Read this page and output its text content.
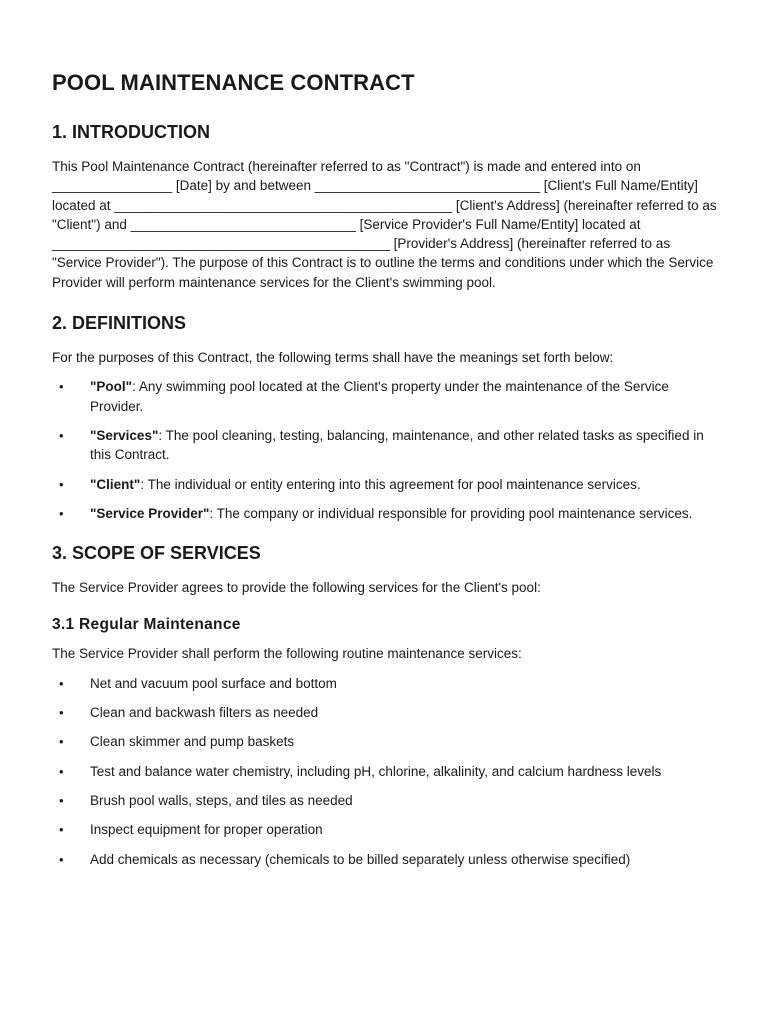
POOL MAINTENANCE CONTRACT
1. INTRODUCTION

This Pool Maintenance Contract (hereinafter referred to as "Contract") is made and entered into on ________________ [Date] by and between ______________________________ [Client's Full Name/Entity] located at _____________________________________________ [Client's Address] (hereinafter referred to as "Client") and ______________________________ [Service Provider's Full Name/Entity] located at _____________________________________________ [Provider's Address] (hereinafter referred to as "Service Provider"). The purpose of this Contract is to outline the terms and conditions under which the Service Provider will perform maintenance services for the Client's swimming pool.

2. DEFINITIONS

For the purposes of this Contract, the following terms shall have the meanings set forth below:

• "Pool": Any swimming pool located at the Client's property under the maintenance of the Service Provider.
• "Services": The pool cleaning, testing, balancing, maintenance, and other related tasks as specified in this Contract.
• "Client": The individual or entity entering into this agreement for pool maintenance services.
• "Service Provider": The company or individual responsible for providing pool maintenance services.
3. SCOPE OF SERVICES

The Service Provider agrees to provide the following services for the Client's pool:

3.1 Regular Maintenance

The Service Provider shall perform the following routine maintenance services:

• Net and vacuum pool surface and bottom
• Clean and backwash filters as needed
• Clean skimmer and pump baskets
• Test and balance water chemistry, including pH, chlorine, alkalinity, and calcium hardness levels
• Brush pool walls, steps, and tiles as needed
• Inspect equipment for proper operation
• Add chemicals as necessary (chemicals to be billed separately unless otherwise specified)
